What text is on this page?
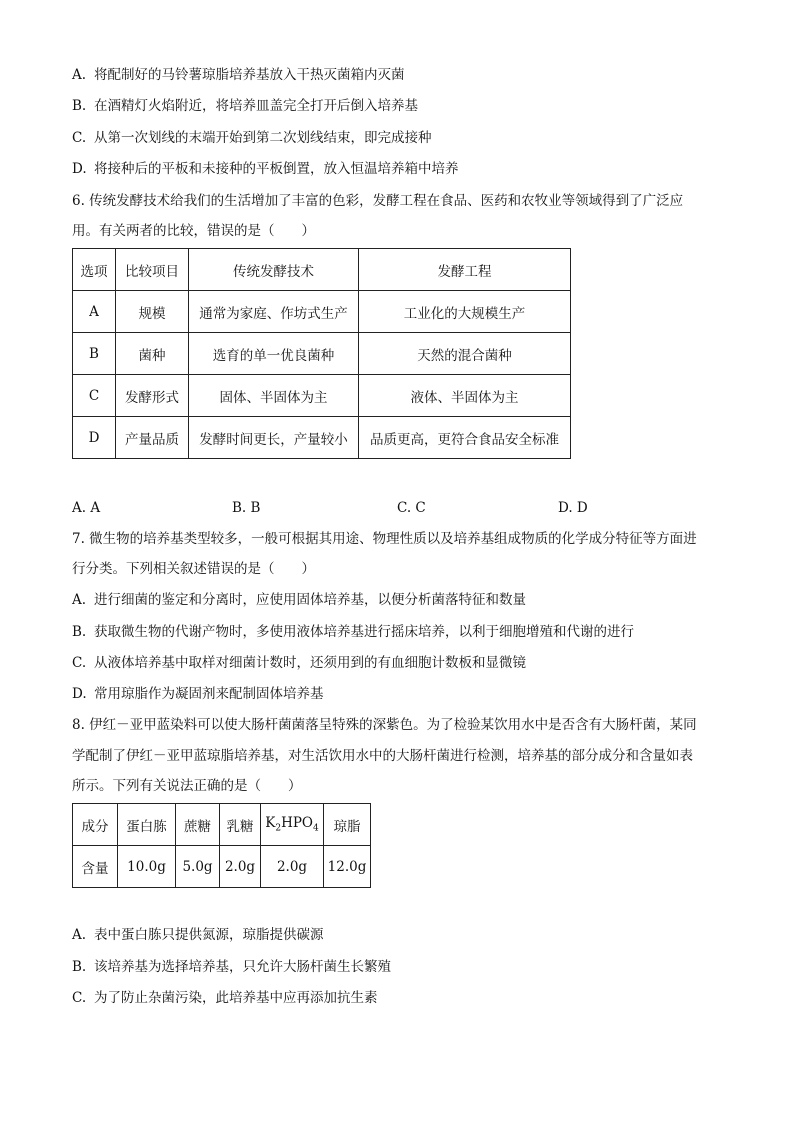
A. 将配制好的马铃薯琼脂培养基放入干热灭菌箱内灭菌
B. 在酒精灯火焰附近，将培养皿盖完全打开后倒入培养基
C. 从第一次划线的末端开始到第二次划线结束，即完成接种
D. 将接种后的平板和未接种的平板倒置，放入恒温培养箱中培养
6. 传统发酵技术给我们的生活增加了丰富的色彩，发酵工程在食品、医药和农牧业等领域得到了广泛应
用。有关两者的比较，错误的是（　　）
选项	比较项目	传统发酵技术	发酵工程
A	规模	通常为家庭、作坊式生产	工业化的大规模生产
B	菌种	选育的单一优良菌种	天然的混合菌种
C	发酵形式	固体、半固体为主	液体、半固体为主
D	产量品质	发酵时间更长，产量较小	品质更高，更符合食品安全标准
A. A	B. B	C. C	D. D
7. 微生物的培养基类型较多，一般可根据其用途、物理性质以及培养基组成物质的化学成分特征等方面进
行分类。下列相关叙述错误的是（　　）
A. 进行细菌的鉴定和分离时，应使用固体培养基，以便分析菌落特征和数量
B. 获取微生物的代谢产物时，多使用液体培养基进行摇床培养，以利于细胞增殖和代谢的进行
C. 从液体培养基中取样对细菌计数时，还须用到的有血细胞计数板和显微镜
D. 常用琼脂作为凝固剂来配制固体培养基
8. 伊红－亚甲蓝染料可以使大肠杆菌菌落呈特殊的深紫色。为了检验某饮用水中是否含有大肠杆菌，某同
学配制了伊红－亚甲蓝琼脂培养基，对生活饮用水中的大肠杆菌进行检测，培养基的部分成分和含量如表
所示。下列有关说法正确的是（　　）
成分	蛋白胨	蔗糖	乳糖	$K_2HPO_4$	琼脂
含量	10.0g	5.0g	2.0g	2.0g	12.0g
A. 表中蛋白胨只提供氮源，琼脂提供碳源
B. 该培养基为选择培养基，只允许大肠杆菌生长繁殖
C. 为了防止杂菌污染，此培养基中应再添加抗生素
